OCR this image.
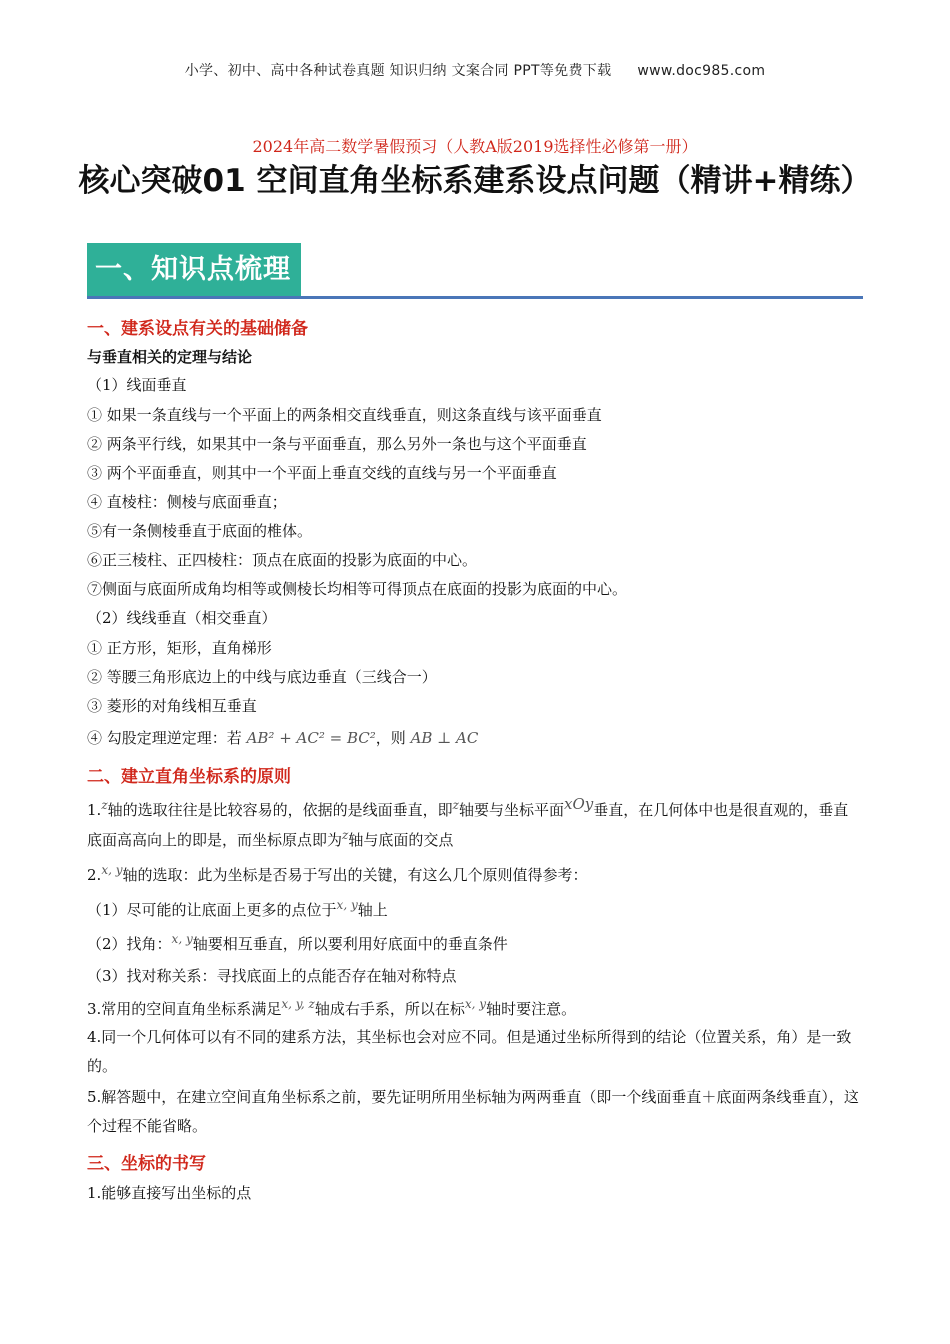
小学、初中、高中各种试卷真题 知识归纳 文案合同 PPT等免费下载 www.doc985.com
2024年高二数学暑假预习（人教A版2019选择性必修第一册）
核心突破01 空间直角坐标系建系设点问题（精讲+精练）
一、知识点梳理
一、建系设点有关的基础储备
与垂直相关的定理与结论
（1）线面垂直
① 如果一条直线与一个平面上的两条相交直线垂直，则这条直线与该平面垂直
② 两条平行线，如果其中一条与平面垂直，那么另外一条也与这个平面垂直
③ 两个平面垂直，则其中一个平面上垂直交线的直线与另一个平面垂直
④ 直棱柱：侧棱与底面垂直；
⑤有一条侧棱垂直于底面的椎体。
⑥正三棱柱、正四棱柱：顶点在底面的投影为底面的中心。
⑦侧面与底面所成角均相等或侧棱长均相等可得顶点在底面的投影为底面的中心。
（2）线线垂直（相交垂直）
① 正方形，矩形，直角梯形
② 等腰三角形底边上的中线与底边垂直（三线合一）
③ 菱形的对角线相互垂直
④ 勾股定理逆定理：若 AB² + AC² = BC²，则 AB ⊥ AC
二、建立直角坐标系的原则
1.$^z$轴的选取往往是比较容易的，依据的是线面垂直，即$^z$轴要与坐标平面xOy垂直，在几何体中也是很直观的，垂直底面高高向上的即是，而坐标原点即为$^z$轴与底面的交点
2.$^{x, y}$轴的选取：此为坐标是否易于写出的关键，有这么几个原则值得参考：
（1）尽可能的让底面上更多的点位于$^{x, y}$轴上
（2）找角：$^{x, y}$轴要相互垂直，所以要利用好底面中的垂直条件
（3）找对称关系：寻找底面上的点能否存在轴对称特点
3.常用的空间直角坐标系满足$^{x, y, z}$轴成右手系，所以在标$^{x, y}$轴时要注意。
4.同一个几何体可以有不同的建系方法，其坐标也会对应不同。但是通过坐标所得到的结论（位置关系，角）是一致的。
5.解答题中，在建立空间直角坐标系之前，要先证明所用坐标轴为两两垂直（即一个线面垂直＋底面两条线垂直），这个过程不能省略。
三、坐标的书写
1.能够直接写出坐标的点
